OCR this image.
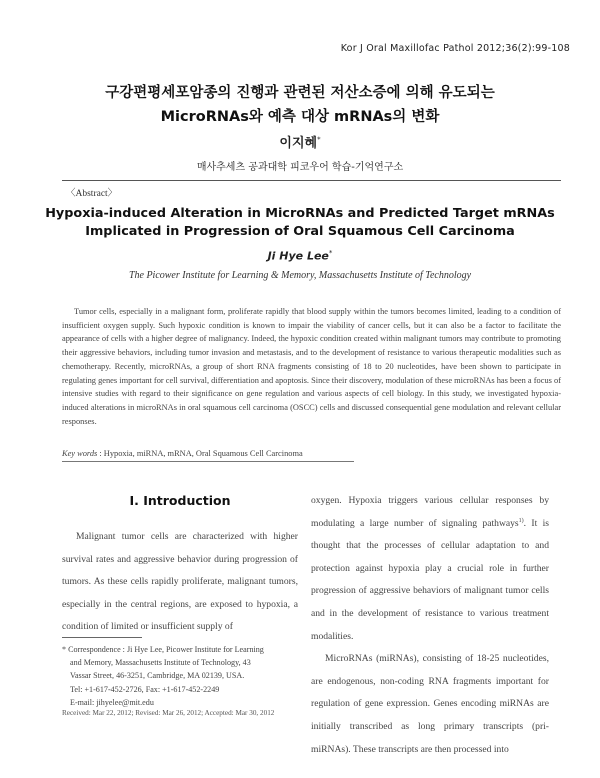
Kor J Oral Maxillofac Pathol 2012;36(2):99-108
구강편평세포암종의 진행과 관련된 저산소증에 의해 유도되는
MicroRNAs와 예측 대상 mRNAs의 변화
이지혜*
매사추세츠 공과대학 피코우어 학습-기억연구소
〈Abstract〉
Hypoxia-induced Alteration in MicroRNAs and Predicted Target mRNAs
Implicated in Progression of Oral Squamous Cell Carcinoma
Ji Hye Lee*
The Picower Institute for Learning & Memory, Massachusetts Institute of Technology

Tumor cells, especially in a malignant form, proliferate rapidly that blood supply within the tumors becomes limited, leading to a condition of insufficient oxygen supply. Such hypoxic condition is known to impair the viability of cancer cells, but it can also be a factor to facilitate the appearance of cells with a higher degree of malignancy. Indeed, the hypoxic condition created within malignant tumors may contribute to promoting their aggressive behaviors, including tumor invasion and metastasis, and to the development of resistance to various therapeutic modalities such as chemotherapy. Recently, microRNAs, a group of short RNA fragments consisting of 18 to 20 nucleotides, have been shown to participate in regulating genes important for cell survival, differentiation and apoptosis. Since their discovery, modulation of these microRNAs has been a focus of intensive studies with regard to their significance on gene regulation and various aspects of cell biology. In this study, we investigated hypoxia-induced alterations in microRNAs in oral squamous cell carcinoma (OSCC) cells and discussed consequential gene modulation and relevant cellular responses.

Key words : Hypoxia, miRNA, mRNA, Oral Squamous Cell Carcinoma
Ⅰ. Introduction

Malignant tumor cells are characterized with higher survival rates and aggressive behavior during progression of tumors. As these cells rapidly proliferate, malignant tumors, especially in the central regions, are exposed to hypoxia, a condition of limited or insufficient supply of

oxygen. Hypoxia triggers various cellular responses by modulating a large number of signaling pathways$^{1)}$. It is thought that the processes of cellular adaptation to and protection against hypoxia play a crucial role in further progression of aggressive behaviors of malignant tumor cells and in the development of resistance to various treatment modalities.

MicroRNAs (miRNAs), consisting of 18-25 nucleotides, are endogenous, non-coding RNA fragments important for regulation of gene expression. Genes encoding miRNAs are initially transcribed as long primary transcripts (pri-miRNAs). These transcripts are then processed into

* Correspondence : Ji Hye Lee, Picower Institute for Learning
and Memory, Massachusetts Institute of Technology, 43
Vassar Street, 46-3251, Cambridge, MA 02139, USA.
Tel: +1-617-452-2726, Fax: +1-617-452-2249
E-mail: jihyelee@mit.edu
Received: Mar 22, 2012; Revised: Mar 26, 2012; Accepted: Mar 30, 2012
